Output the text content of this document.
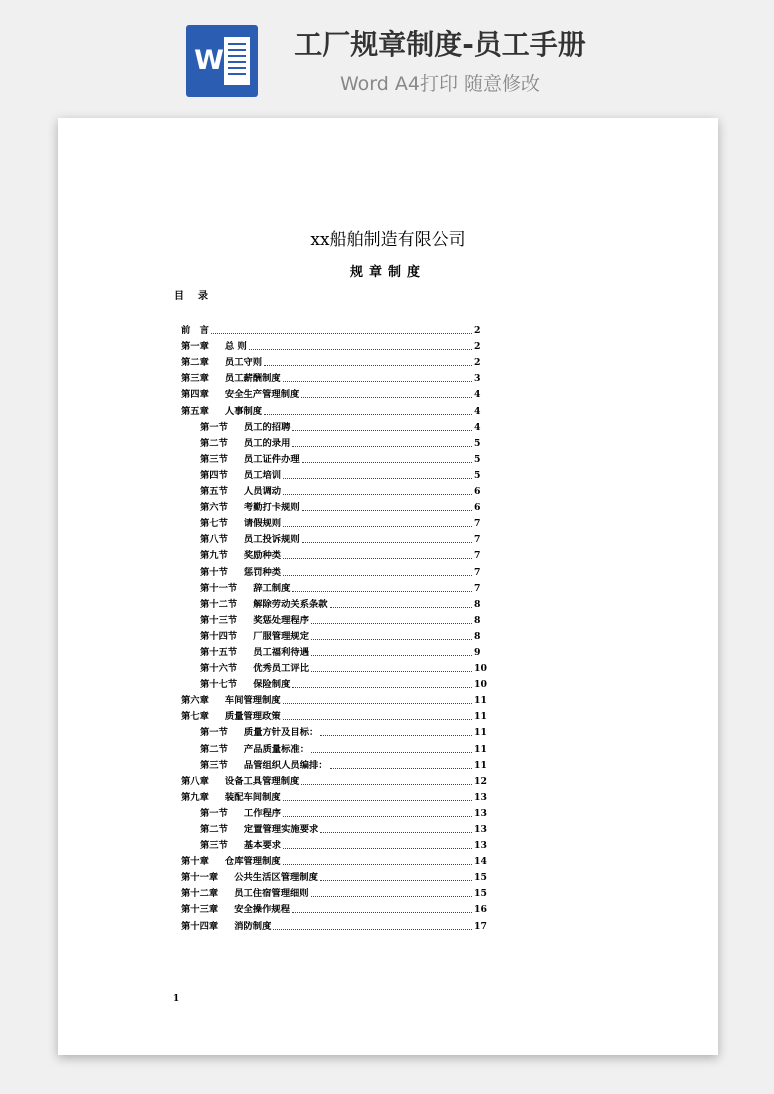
W	工厂规章制度-员工手册
Word A4打印 随意修改
xx船舶制造有限公司
规章制度
目录
前　言	2
第一章 总 则	2
第二章 员工守则	2
第三章 员工薪酬制度	3
第四章 安全生产管理制度	4
第五章 人事制度	4
第一节 员工的招聘	4
第二节 员工的录用	5
第三节 员工证件办理	5
第四节 员工培训	5
第五节 人员调动	6
第六节 考勤打卡规则	6
第七节 请假规则	7
第八节 员工投诉规则	7
第九节 奖励种类	7
第十节 惩罚种类	7
第十一节 辞工制度	7
第十二节 解除劳动关系条款	8
第十三节 奖惩处理程序	8
第十四节 厂服管理规定	8
第十五节 员工福利待遇	9
第十六节 优秀员工评比	10
第十七节 保险制度	10
第六章 车间管理制度	11
第七章 质量管理政策	11
第一节 质量方针及目标：	11
第二节 产品质量标准：	11
第三节 品管组织人员编排：	11
第八章 设备工具管理制度	12
第九章 装配车间制度	13
第一节 工作程序	13
第二节 定置管理实施要求	13
第三节 基本要求	13
第十章 仓库管理制度	14
第十一章 公共生活区管理制度	15
第十二章 员工住宿管理细则	15
第十三章 安全操作规程	16
第十四章 消防制度	17
1
